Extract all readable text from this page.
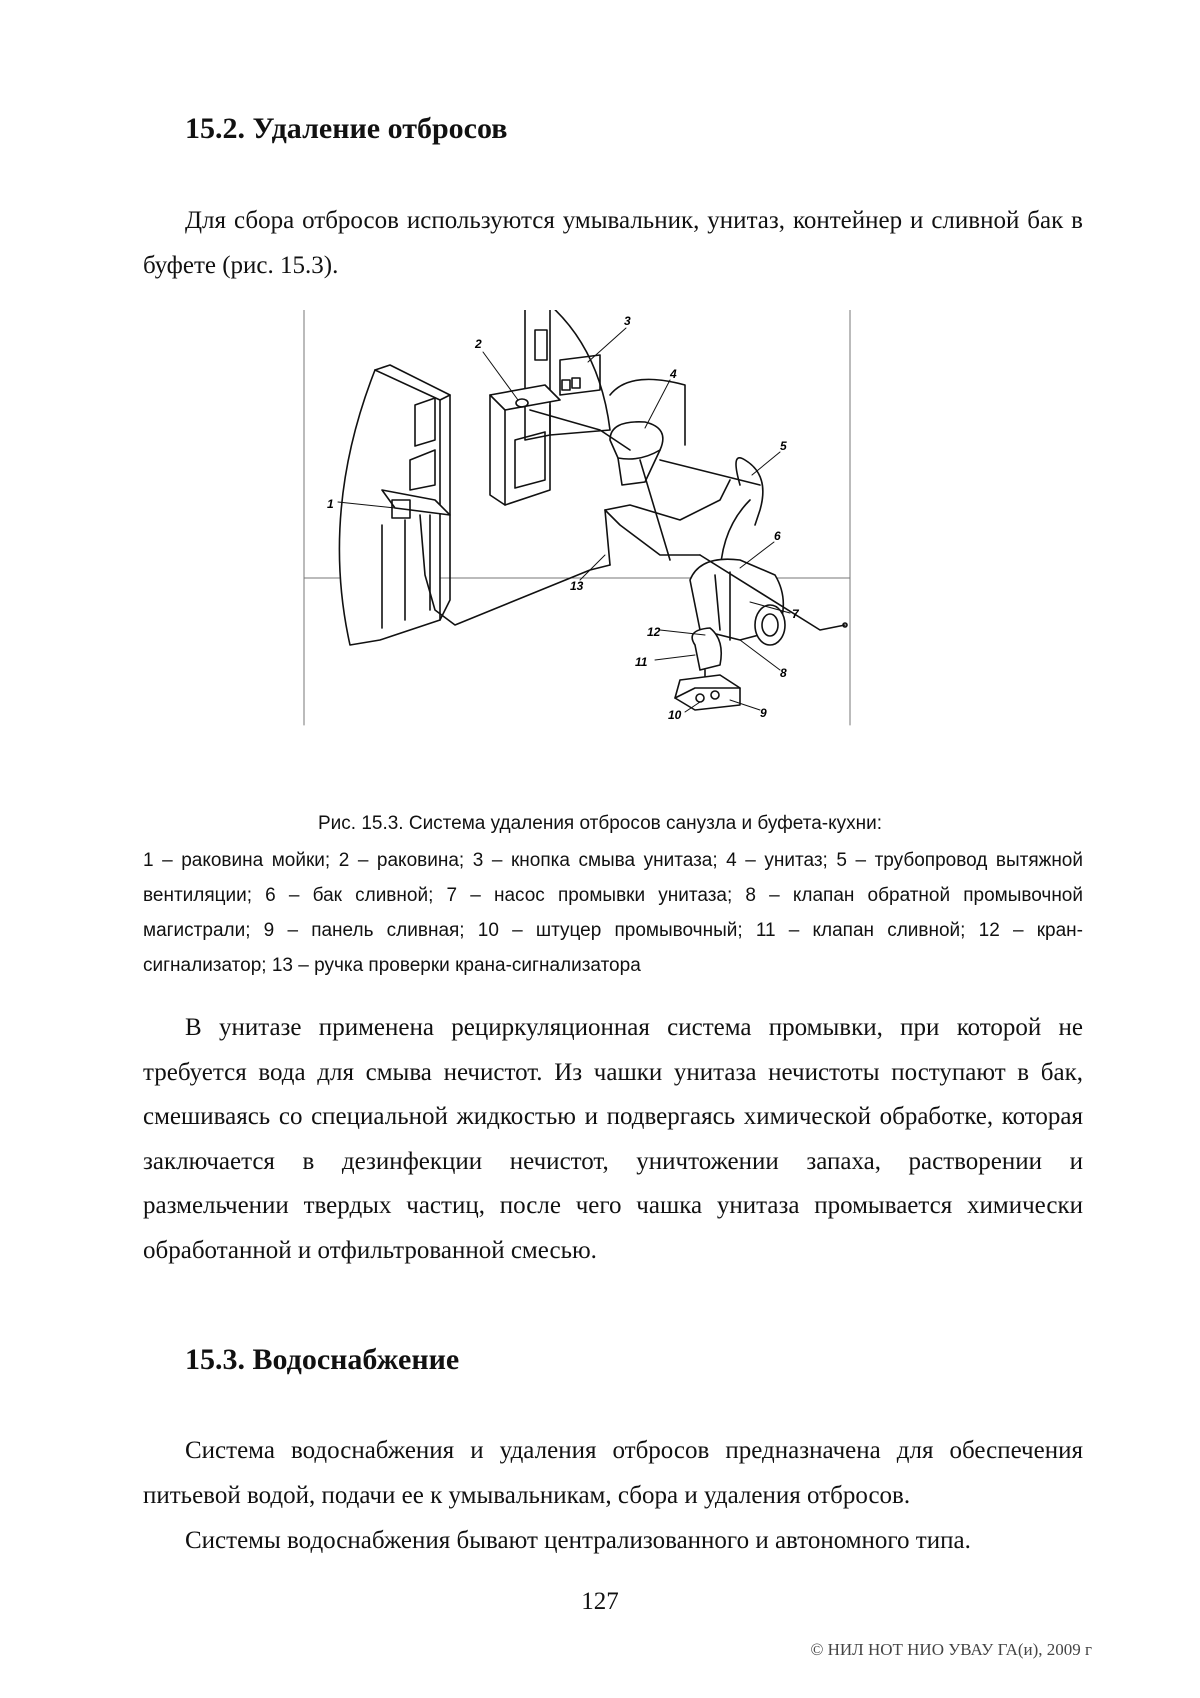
15.2. Удаление отбросов

Для сбора отбросов используются умывальник, унитаз, контейнер и сливной бак в буфете (рис. 15.3).

1
2
3
4
5
6
7
8
9
10
11
12
13
Рис. 15.3. Система удаления отбросов санузла и буфета-кухни:

1 – раковина мойки; 2 – раковина; 3 – кнопка смыва унитаза; 4 – унитаз; 5 – трубопровод вытяжной вентиляции; 6 – бак сливной; 7 – насос промывки унитаза; 8 – клапан обратной промывочной магистрали; 9 – панель сливная; 10 – штуцер промывочный; 11 – клапан сливной; 12 – кран-сигнализатор; 13 – ручка проверки крана-сигнализатора

В унитазе применена рециркуляционная система промывки, при которой не требуется вода для смыва нечистот. Из чашки унитаза нечистоты поступают в бак, смешиваясь со специальной жидкостью и подвергаясь химической обработке, которая заключается в дезинфекции нечистот, уничтожении запаха, растворении и размельчении твердых частиц, после чего чашка унитаза промывается химически обработанной и отфильтрованной смесью.

15.3. Водоснабжение

Система водоснабжения и удаления отбросов предназначена для обеспечения питьевой водой, подачи ее к умывальникам, сбора и удаления отбросов.

Системы водоснабжения бывают централизованного и автономного типа.

127
© НИЛ НОТ НИО УВАУ ГА(и), 2009 г
